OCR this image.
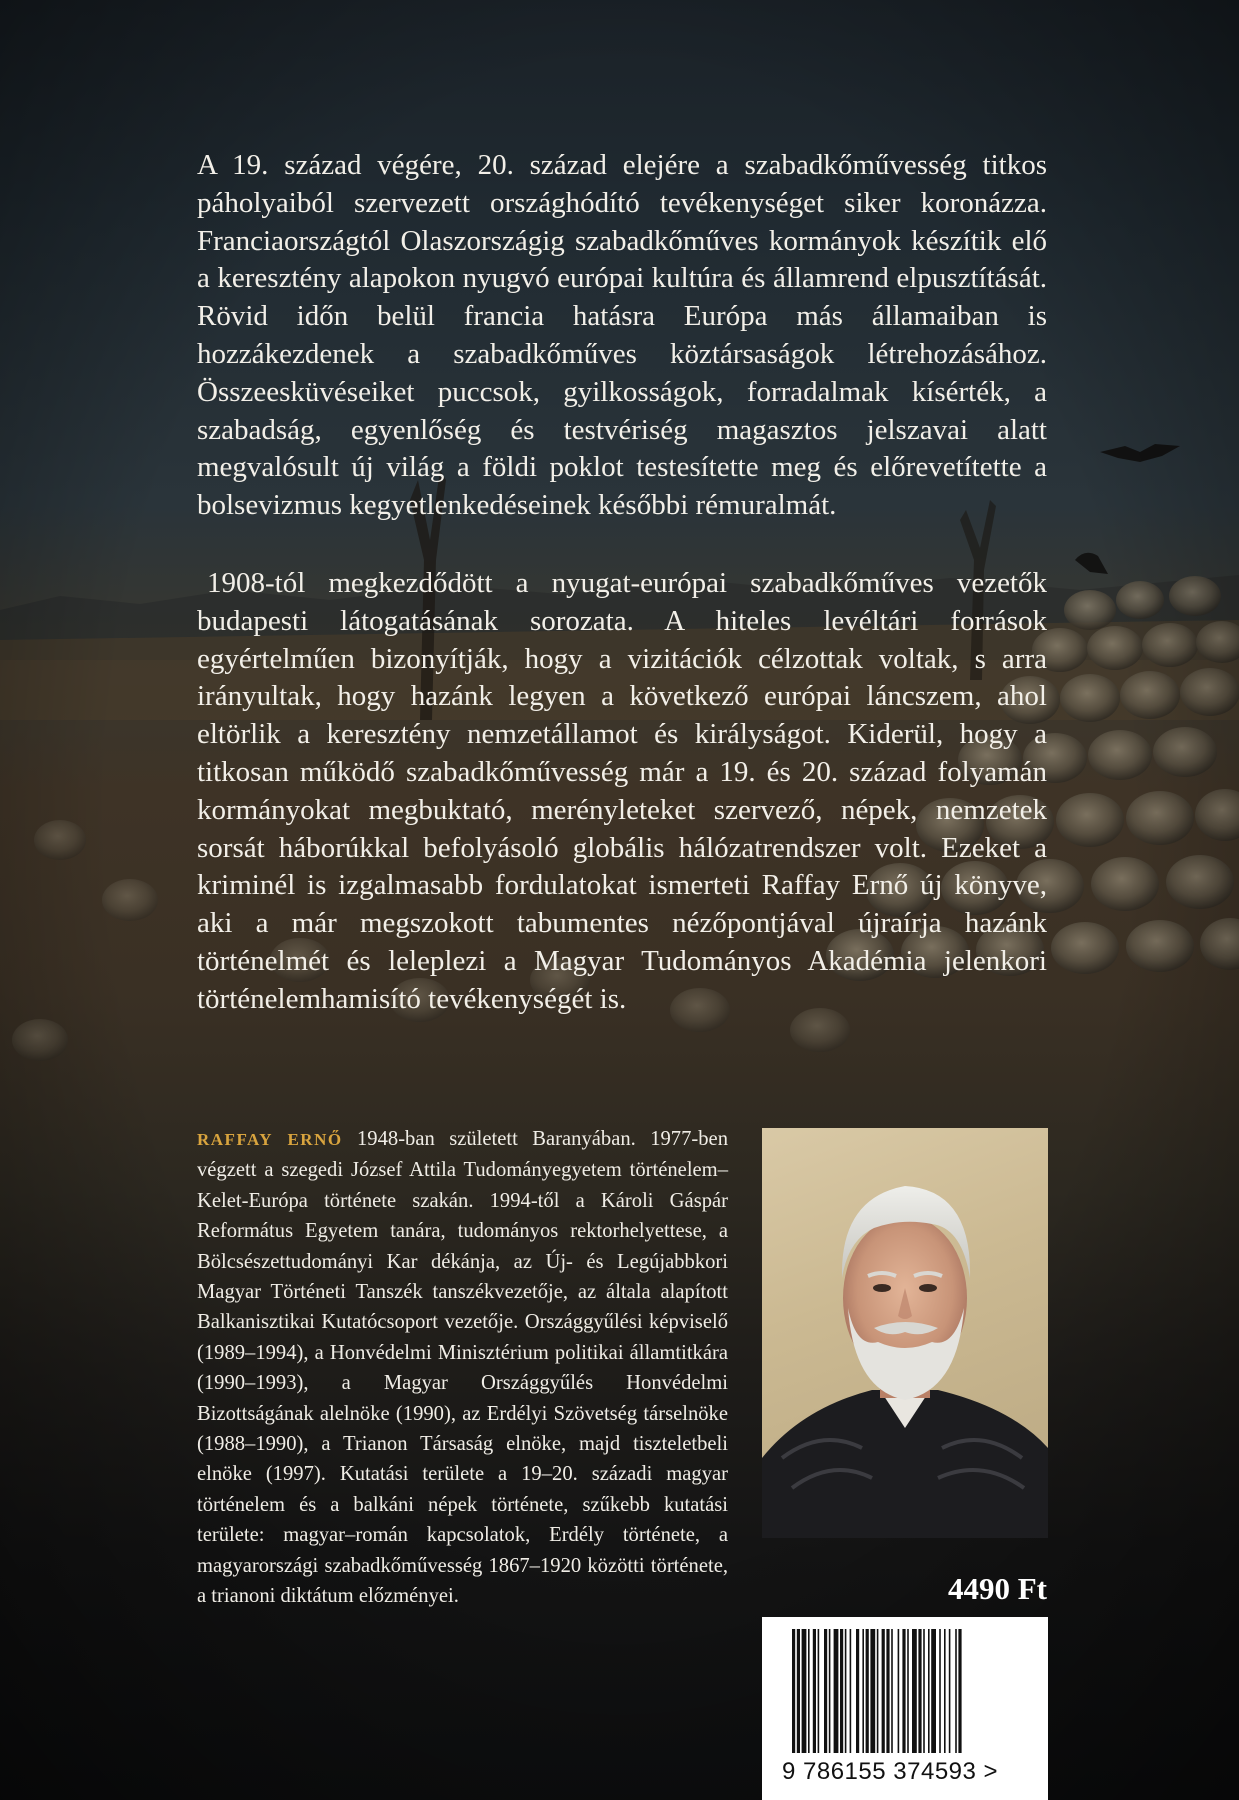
A 19. század végére, 20. század elejére a szabadkőművesség titkos páholyaiból szervezett országhódító tevékenységet siker koronázza. Franciaországtól Olaszországig szabadkőműves kormányok készítik elő a keresztény alapokon nyugvó európai kultúra és államrend elpusztítását. Rövid időn belül francia hatásra Európa más államaiban is hozzákezdenek a szabadkőműves köztársaságok létrehozásához. Összeesküvéseiket puccsok, gyilkosságok, forradalmak kísérték, a szabadság, egyenlőség és testvériség magasztos jelszavai alatt megvalósult új világ a földi poklot testesítette meg és előrevetítette a bolsevizmus kegyetlenkedéseinek későbbi rémuralmát.

1908-tól megkezdődött a nyugat-európai szabadkőműves vezetők budapesti látogatásának sorozata. A hiteles levéltári források egyértelműen bizonyítják, hogy a vizitációk célzottak voltak, s arra irányultak, hogy hazánk legyen a következő európai láncszem, ahol eltörlik a keresztény nemzetállamot és királyságot. Kiderül, hogy a titkosan működő szabadkőművesség már a 19. és 20. század folyamán kormányokat megbuktató, merényleteket szervező, népek, nemzetek sorsát háborúkkal befolyásoló globális hálózatrendszer volt. Ezeket a kriminél is izgalmasabb fordulatokat ismerteti Raffay Ernő új könyve, aki a már megszokott tabumentes nézőpontjával újraírja hazánk történelmét és leleplezi a Magyar Tudományos Akadémia jelenkori történelemhamisító tevékenységét is.

RAFFAY ERNŐ 1948-ban született Baranyában. 1977-ben végzett a szegedi József Attila Tudományegyetem történelem–Kelet-Európa története szakán. 1994-től a Károli Gáspár Református Egyetem tanára, tudományos rektorhelyettese, a Bölcsészettudományi Kar dékánja, az Új- és Legújabbkori Magyar Történeti Tanszék tanszékvezetője, az általa alapított Balkanisztikai Kutatócsoport vezetője. Országgyűlési képviselő (1989–1994), a Honvédelmi Minisztérium politikai államtitkára (1990–1993), a Magyar Országgyűlés Honvédelmi Bizottságának alelnöke (1990), az Erdélyi Szövetség társelnöke (1988–1990), a Trianon Társaság elnöke, majd tiszteletbeli elnöke (1997). Kutatási területe a 19–20. századi magyar történelem és a balkáni népek története, szűkebb kutatási területe: magyar–román kapcsolatok, Erdély története, a magyarországi szabadkőművesség 1867–1920 közötti története, a trianoni diktátum előzményei.	4490 Ft

9 786155 374593 >
